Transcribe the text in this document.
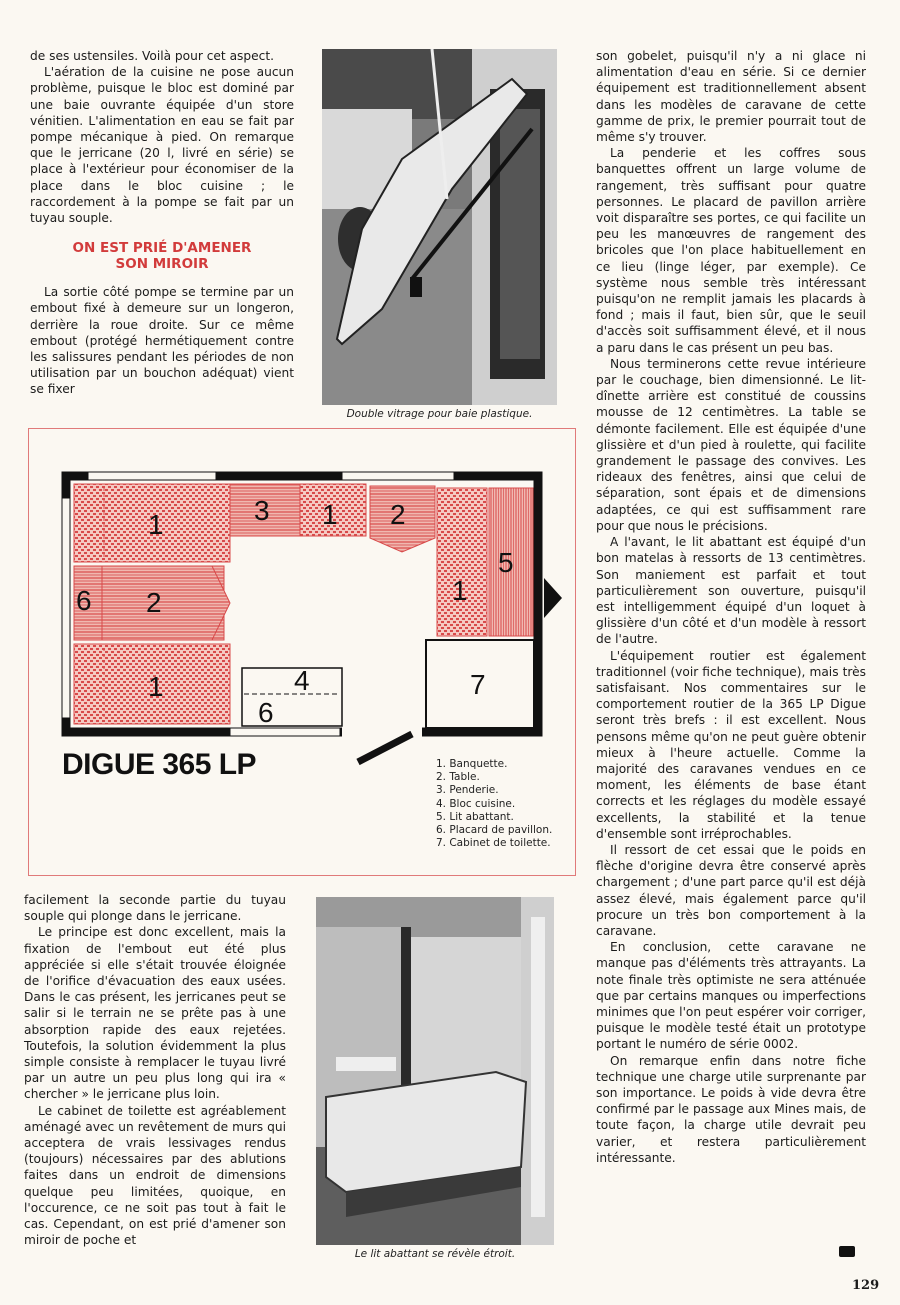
de ses ustensiles. Voilà pour cet aspect.

L'aération de la cuisine ne pose aucun problème, puisque le bloc est dominé par une baie ouvrante équipée d'un store vénitien. L'alimentation en eau se fait par pompe mécanique à pied. On remarque que le jerricane (20 l, livré en série) se place à l'extérieur pour économiser de la place dans le bloc cuisine ; le raccordement à la pompe se fait par un tuyau souple.

ON EST PRIÉ D'AMENER
SON MIROIR

La sortie côté pompe se termine par un embout fixé à demeure sur un longeron, derrière la roue droite. Sur ce même embout (protégé hermétiquement contre les salissures pendant les périodes de non utilisation par un bouchon adéquat) vient se fixer

Double vitrage pour baie plastique.

son gobelet, puisqu'il n'y a ni glace ni alimentation d'eau en série. Si ce dernier équipement est traditionnellement absent dans les modèles de caravane de cette gamme de prix, le premier pourrait tout de même s'y trouver.

La penderie et les coffres sous banquettes offrent un large volume de rangement, très suffisant pour quatre personnes. Le placard de pavillon arrière voit disparaître ses portes, ce qui facilite un peu les manœuvres de rangement des bricoles que l'on place habituellement en ce lieu (linge léger, par exemple). Ce système nous semble très intéressant puisqu'on ne remplit jamais les placards à fond ; mais il faut, bien sûr, que le seuil d'accès soit suffisamment élevé, et il nous a paru dans le cas présent un peu bas.

Nous terminerons cette revue intérieure par le couchage, bien dimensionné. Le lit-dînette arrière est constitué de coussins mousse de 12 centimètres. La table se démonte facilement. Elle est équipée d'une glissière et d'un pied à roulette, qui facilite grandement le passage des convives. Les rideaux des fenêtres, ainsi que celui de séparation, sont épais et de dimensions adaptées, ce qui est suffisamment rare pour que nous le précisions.

A l'avant, le lit abattant est équipé d'un bon matelas à ressorts de 13 centimètres. Son maniement est parfait et tout particulièrement son ouverture, puisqu'il est intelligemment équipé d'un loquet à glissière d'un côté et d'un modèle à ressort de l'autre.

L'équipement routier est également traditionnel (voir fiche technique), mais très satisfaisant. Nos commentaires sur le comportement routier de la 365 LP Digue seront très brefs : il est excellent. Nous pensons même qu'on ne peut guère obtenir mieux à l'heure actuelle. Comme la majorité des caravanes vendues en ce moment, les éléments de base étant corrects et les réglages du modèle essayé excellents, la stabilité et la tenue d'ensemble sont irréprochables.

Il ressort de cet essai que le poids en flèche d'origine devra être conservé après chargement ; d'une part parce qu'il est déjà assez élevé, mais également parce qu'il procure un très bon comportement à la caravane.

En conclusion, cette caravane ne manque pas d'éléments très attrayants. La note finale très optimiste ne sera atténuée que par certains manques ou imperfections minimes que l'on peut espérer voir corriger, puisque le modèle testé était un prototype portant le numéro de série 0002.

On remarque enfin dans notre fiche technique une charge utile surprenante par son importance. Le poids à vide devra être confirmé par le passage aux Mines mais, de toute façon, la charge utile devrait peu varier, et restera particulièrement intéressante.

1	3 1 2
6 2
1	4
6
1
5
7
DIGUE 365 LP	1. Banquette.
2. Table.
3. Penderie.
4. Bloc cuisine.
5. Lit abattant.
6. Placard de pavillon.
7. Cabinet de toilette.

facilement la seconde partie du tuyau souple qui plonge dans le jerricane.

Le principe est donc excellent, mais la fixation de l'embout eut été plus appréciée si elle s'était trouvée éloignée de l'orifice d'évacuation des eaux usées. Dans le cas présent, les jerricanes peut se salir si le terrain ne se prête pas à une absorption rapide des eaux rejetées. Toutefois, la solution évidemment la plus simple consiste à remplacer le tuyau livré par un autre un peu plus long qui ira « chercher » le jerricane plus loin.

Le cabinet de toilette est agréablement aménagé avec un revêtement de murs qui acceptera de vrais lessivages rendus (toujours) nécessaires par des ablutions faites dans un endroit de dimensions quelque peu limitées, quoique, en l'occurence, ce ne soit pas tout à fait le cas. Cependant, on est prié d'amener son miroir de poche et

Le lit abattant se révèle étroit.
129
